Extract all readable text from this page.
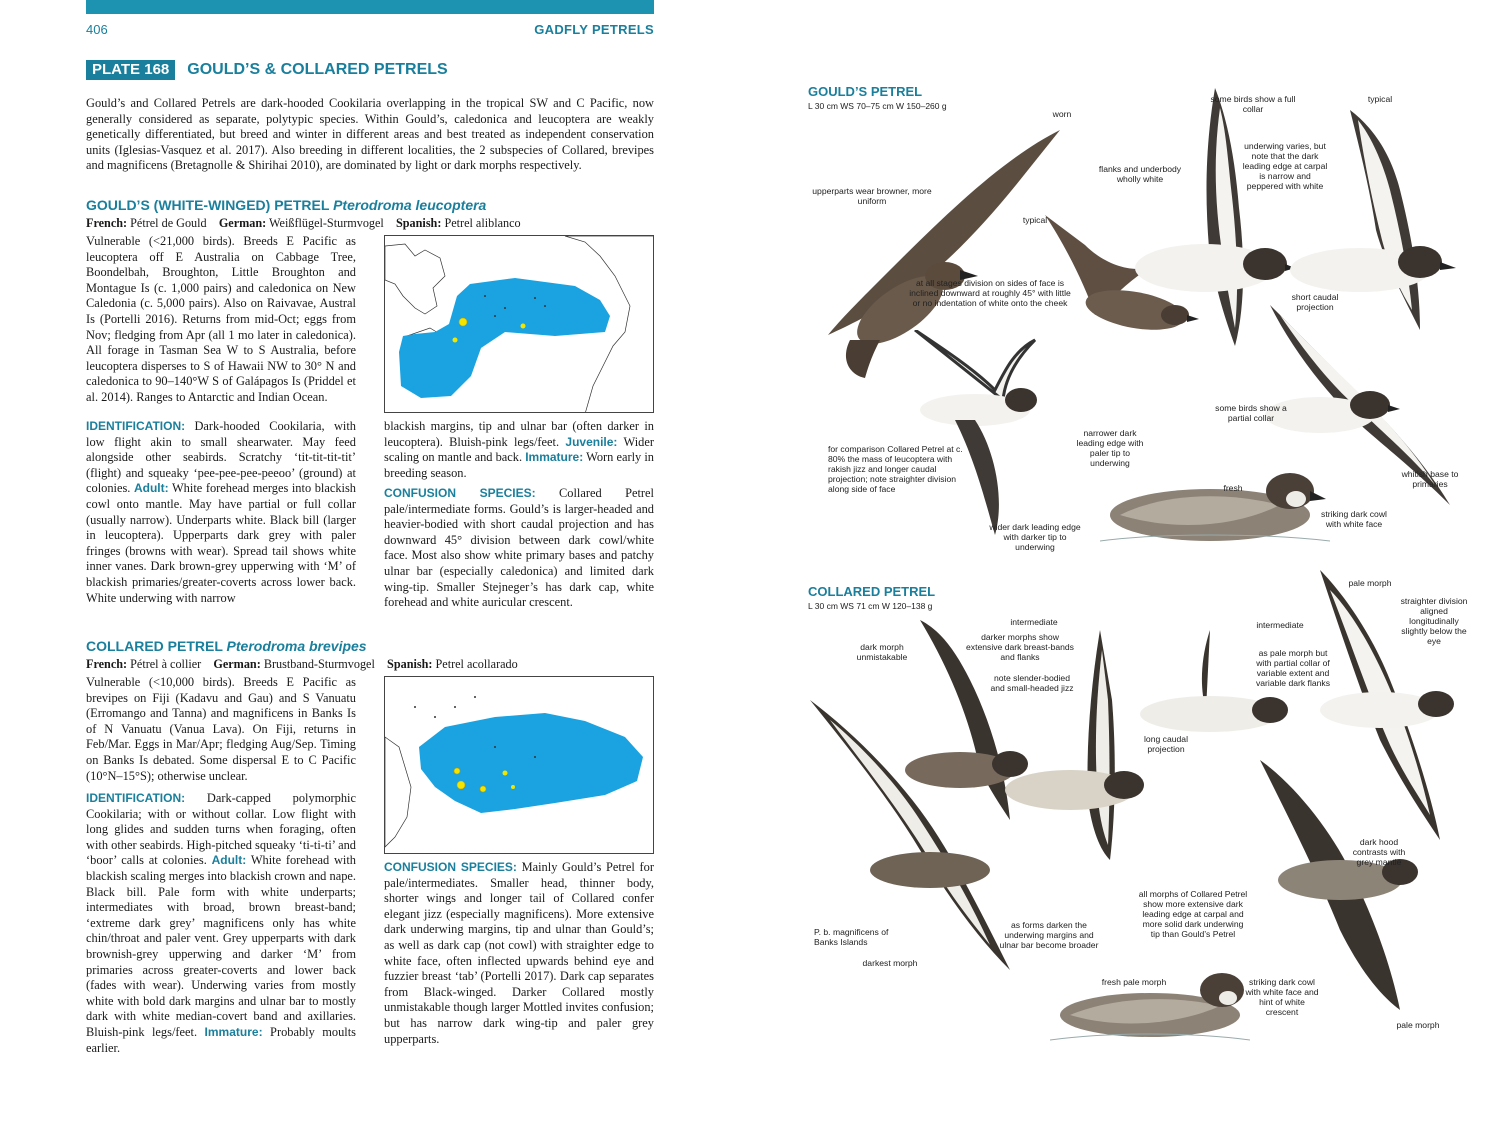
406	GADFLY PETRELS
PLATE 168	GOULD’S & COLLARED PETRELS
Gould’s and Collared Petrels are dark-hooded Cookilaria overlapping in the tropical SW and C Pacific, now generally considered as separate, polytypic species. Within Gould’s, caledonica and leucoptera are weakly genetically differentiated, but breed and winter in different areas and best treated as independent conservation units (Iglesias-Vasquez et al. 2017). Also breeding in different localities, the 2 subspecies of Collared, brevipes and magnificens (Bretagnolle & Shirihai 2010), are dominated by light or dark morphs respectively.
GOULD’S (WHITE-WINGED) PETREL Pterodroma leucoptera
French: Pétrel de Gould German: Weißflügel-Sturmvogel Spanish: Petrel aliblanco
Vulnerable (<21,000 birds). Breeds E Pacific as leucoptera off E Australia on Cabbage Tree, Boondelbah, Broughton, Little Broughton and Montague Is (c. 1,000 pairs) and caledonica on New Caledonia (c. 5,000 pairs). Also on Raivavae, Austral Is (Portelli 2016). Returns from mid-Oct; eggs from Nov; fledging from Apr (all 1 mo later in caledonica). All forage in Tasman Sea W to S Australia, before leucoptera disperses to S of Hawaii NW to 30° N and caledonica to 90–140°W S of Galápagos Is (Priddel et al. 2014). Ranges to Antarctic and Indian Ocean.
IDENTIFICATION: Dark-hooded Cookilaria, with low flight akin to small shearwater. May feed alongside other seabirds. Scratchy ‘tit-tit-tit-tit’ (flight) and squeaky ‘pee-pee-pee-peeoo’ (ground) at colonies. Adult: White forehead merges into blackish cowl onto mantle. May have partial or full collar (usually narrow). Underparts white. Black bill (larger in leucoptera). Upperparts dark grey with paler fringes (browns with wear). Spread tail shows white inner vanes. Dark brown-grey upperwing with ‘M’ of blackish primaries/greater-coverts across lower back. White underwing with narrow
blackish margins, tip and ulnar bar (often darker in leucoptera). Bluish-pink legs/feet. Juvenile: Wider scaling on mantle and back. Immature: Worn early in breeding season.
CONFUSION SPECIES: Collared Petrel pale/intermediate forms. Gould’s is larger-headed and heavier-bodied with short caudal projection and has downward 45° division between dark cowl/white face. Most also show white primary bases and patchy ulnar bar (especially caledonica) and limited dark wing-tip. Smaller Stejneger’s has dark cap, white forehead and white auricular crescent.
COLLARED PETREL Pterodroma brevipes
French: Pétrel à collier German: Brustband-Sturmvogel Spanish: Petrel acollarado
Vulnerable (<10,000 birds). Breeds E Pacific as brevipes on Fiji (Kadavu and Gau) and S Vanuatu (Erromango and Tanna) and magnificens in Banks Is of N Vanuatu (Vanua Lava). On Fiji, returns in Feb/Mar. Eggs in Mar/Apr; fledging Aug/Sep. Timing on Banks Is debated. Some dispersal E to C Pacific (10°N–15°S); otherwise unclear.
IDENTIFICATION: Dark-capped polymorphic Cookilaria; with or without collar. Low flight with long glides and sudden turns when foraging, often with other seabirds. High-pitched squeaky ‘ti-ti-ti’ and ‘boor’ calls at colonies. Adult: White forehead with blackish scaling merges into blackish crown and nape. Black bill. Pale form with white underparts; intermediates with broad, brown breast-band; ‘extreme dark grey’ magnificens only has white chin/throat and paler vent. Grey upperparts with dark brownish-grey upperwing and darker ‘M’ from primaries across greater-coverts and lower back (fades with wear). Underwing varies from mostly white with bold dark margins and ulnar bar to mostly dark with white median-covert band and axillaries. Bluish-pink legs/feet. Immature: Probably moults earlier.
CONFUSION SPECIES: Mainly Gould’s Petrel for pale/intermediates. Smaller head, thinner body, shorter wings and longer tail of Collared confer elegant jizz (especially magnificens). More extensive dark underwing margins, tip and ulnar than Gould’s; as well as dark cap (not cowl) with straighter edge to white face, often inflected upwards behind eye and fuzzier breast ‘tab’ (Portelli 2017). Dark cap separates from Black-winged. Darker Collared mostly unmistakable though larger Mottled invites confusion; but has narrow dark wing-tip and paler grey upperparts.
GOULD’S PETREL
L 30 cm WS 70–75 cm W 150–260 g
worn
some birds show a full collar
typical
underwing varies, but note that the dark leading edge at carpal is narrow and peppered with white
flanks and underbody wholly white
upperparts wear browner, more uniform
typical
at all stages division on sides of face is inclined downward at roughly 45° with little or no indentation of white onto the cheek
short caudal projection
some birds show a partial collar
narrower dark leading edge with paler tip to underwing
for comparison Collared Petrel at c. 80% the mass of leucoptera with rakish jizz and longer caudal projection; note straighter division along side of face	fresh
whitish base to primaries
striking dark cowl with white face
wider dark leading edge with darker tip to underwing
COLLARED PETREL
L 30 cm WS 71 cm W 120–138 g
pale morph
straighter division aligned longitudinally slightly below the eye
intermediate
darker morphs show extensive dark breast-bands and flanks
dark morph unmistakable
intermediate
as pale morph but with partial collar of variable extent and variable dark flanks
note slender-bodied and small-headed jizz
long caudal projection
dark hood contrasts with grey mantle
all morphs of Collared Petrel show more extensive dark leading edge at carpal and more solid dark underwing tip than Gould’s Petrel
P. b. magnificens of Banks Islands
as forms darken the underwing margins and ulnar bar become broader
darkest morph
fresh pale morph	striking dark cowl with white face and hint of white crescent
pale morph
